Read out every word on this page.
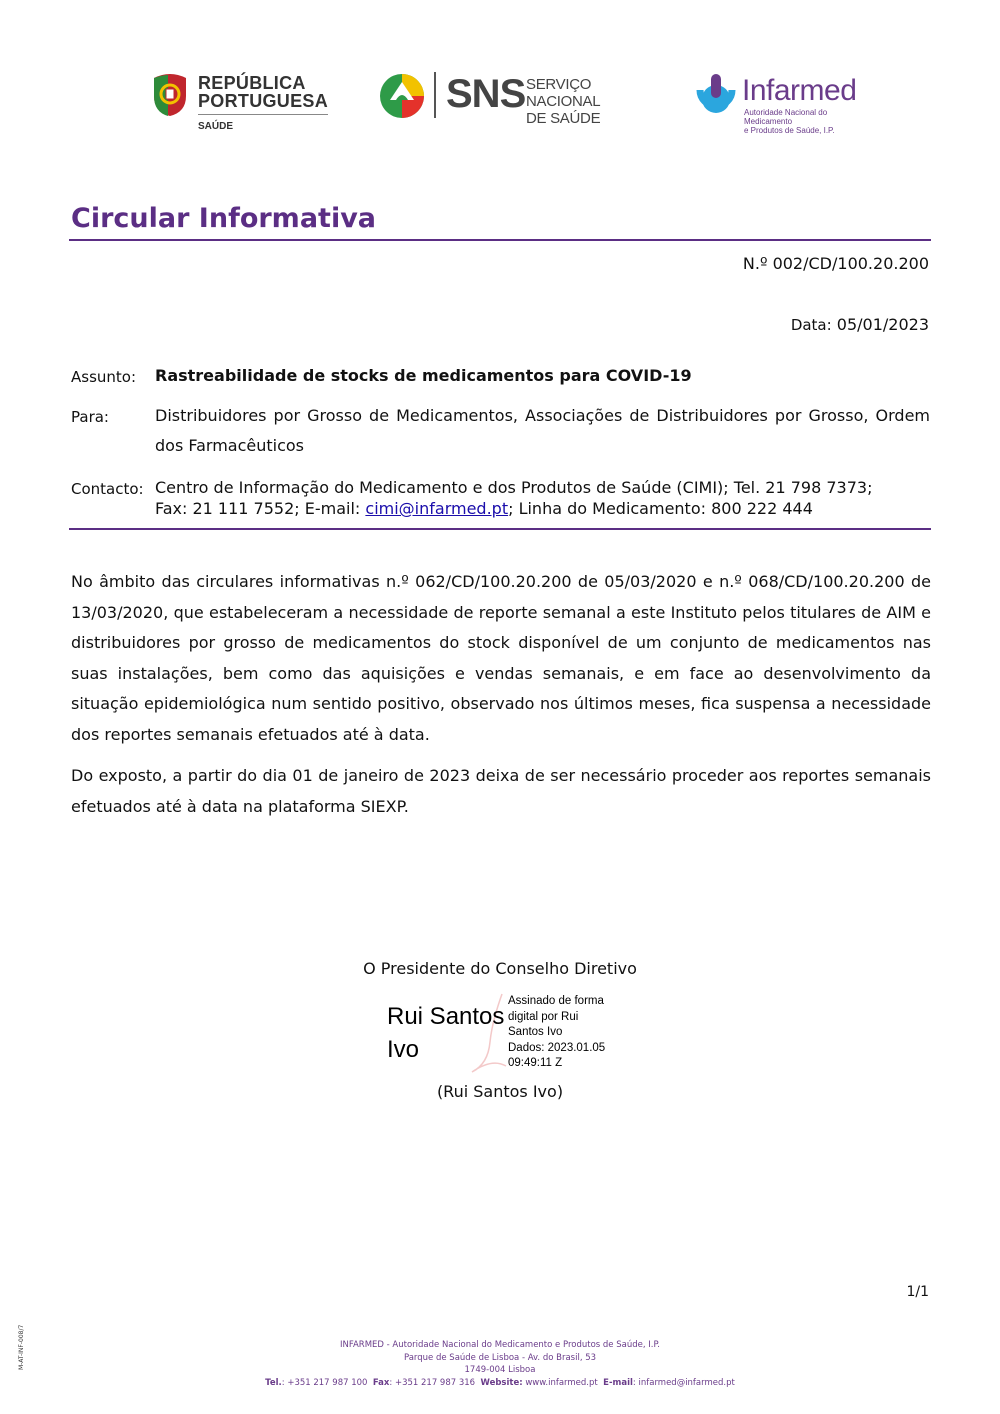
REPÚBLICA
PORTUGUESA
SAÚDE
SNS SERVIÇO NACIONAL
DE SAÚDE
Infarmed
Autoridade Nacional do Medicamento
e Produtos de Saúde, I.P.
Circular Informativa
N.º 002/CD/100.20.200
Data: 05/01/2023
Assunto: Rastreabilidade de stocks de medicamentos para COVID-19
Para:	Distribuidores por Grosso de Medicamentos, Associações de Distribuidores por Grosso, Ordem dos Farmacêuticos
Contacto: Centro de Informação do Medicamento e dos Produtos de Saúde (CIMI); Tel. 21 798 7373;
Fax: 21 111 7552; E-mail: cimi@infarmed.pt; Linha do Medicamento: 800 222 444
No âmbito das circulares informativas n.º 062/CD/100.20.200 de 05/03/2020 e n.º 068/CD/100.20.200 de 13/03/2020, que estabeleceram a necessidade de reporte semanal a este Instituto pelos titulares de AIM e distribuidores por grosso de medicamentos do stock disponível de um conjunto de medicamentos nas suas instalações, bem como das aquisições e vendas semanais, e em face ao desenvolvimento da situação epidemiológica num sentido positivo, observado nos últimos meses, fica suspensa a necessidade dos reportes semanais efetuados até à data.
Do exposto, a partir do dia 01 de janeiro de 2023 deixa de ser necessário proceder aos reportes semanais efetuados até à data na plataforma SIEXP.
O Presidente do Conselho Diretivo
Rui Santos
Ivo
Assinado de forma
digital por Rui
Santos Ivo
Dados: 2023.01.05
09:49:11 Z
(Rui Santos Ivo)
1/1
M-AT-INF-008/7	INFARMED - Autoridade Nacional do Medicamento e Produtos de Saúde, I.P.
Parque de Saúde de Lisboa - Av. do Brasil, 53
1749-004 Lisboa
Tel.: +351 217 987 100 Fax: +351 217 987 316 Website: www.infarmed.pt E-mail: infarmed@infarmed.pt
